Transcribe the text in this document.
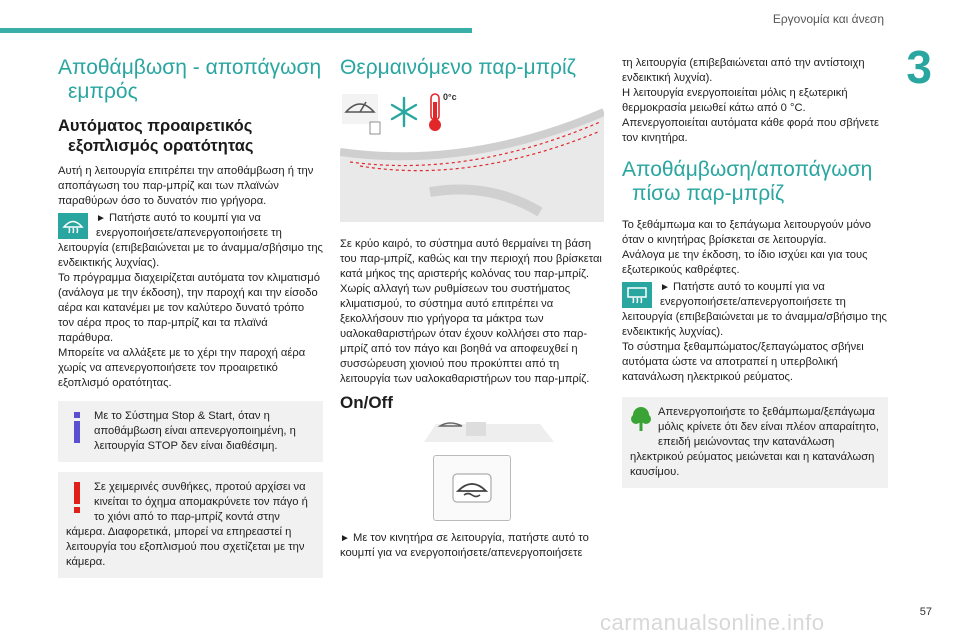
Εργονομία και άνεση
3
57
carmanualsonline.info
Αποθάμβωση - αποπάγωση
εμπρός
Αυτόματος προαιρετικός
εξοπλισμός ορατότητας

Αυτή η λειτουργία επιτρέπει την αποθάμβωση ή την αποπάγωση του παρ-μπρίζ και των πλαϊνών παραθύρων όσο το δυνατόν πιο γρήγορα.

► Πατήστε αυτό το κουμπί για να ενεργοποιήσετε/απενεργοποιήσετε τη λειτουργία (επιβεβαιώνεται με το άναμμα/σβήσιμο της ενδεικτικής λυχνίας).

Το πρόγραμμα διαχειρίζεται αυτόματα τον κλιματισμό (ανάλογα με την έκδοση), την παροχή και την είσοδο αέρα και κατανέμει με τον καλύτερο δυνατό τρόπο τον αέρα προς το παρ-μπρίζ και τα πλαϊνά παράθυρα.

Μπορείτε να αλλάξετε με το χέρι την παροχή αέρα χωρίς να απενεργοποιήσετε τον προαιρετικό εξοπλισμό ορατότητας.

Με το Σύστημα Stop & Start, όταν η αποθάμβωση είναι απενεργοποιημένη, η λειτουργία STOP δεν είναι διαθέσιμη.
Σε χειμερινές συνθήκες, προτού αρχίσει να κινείται το όχημα απομακρύνετε τον πάγο ή το χιόνι από το παρ-μπρίζ κοντά στην κάμερα. Διαφορετικά, μπορεί να επηρεαστεί η λειτουργία του εξοπλισμού που σχετίζεται με την κάμερα.
Θερμαινόμενο παρ-μπρίζ
0°c

Σε κρύο καιρό, το σύστημα αυτό θερμαίνει τη βάση του παρ-μπρίζ, καθώς και την περιοχή που βρίσκεται κατά μήκος της αριστερής κολόνας του παρ-μπρίζ.

Χωρίς αλλαγή των ρυθμίσεων του συστήματος κλιματισμού, το σύστημα αυτό επιτρέπει να ξεκολλήσουν πιο γρήγορα τα μάκτρα των υαλοκαθαριστήρων όταν έχουν κολλήσει στο παρ-μπρίζ από τον πάγο και βοηθά να αποφευχθεί η συσσώρευση χιονιού που προκύπτει από τη λειτουργία των υαλοκαθαριστήρων του παρ-μπρίζ.

On/Off

► Με τον κινητήρα σε λειτουργία, πατήστε αυτό το κουμπί για να ενεργοποιήσετε/απενεργοποιήσετε

τη λειτουργία (επιβεβαιώνεται από την αντίστοιχη ενδεικτική λυχνία).

Η λειτουργία ενεργοποιείται μόλις η εξωτερική θερμοκρασία μειωθεί κάτω από 0 °C. Απενεργοποιείται αυτόματα κάθε φορά που σβήνετε τον κινητήρα.

Αποθάμβωση/αποπάγωση
πίσω παρ-μπρίζ

Το ξεθάμπωμα και το ξεπάγωμα λειτουργούν μόνο όταν ο κινητήρας βρίσκεται σε λειτουργία.

Ανάλογα με την έκδοση, το ίδιο ισχύει και για τους εξωτερικούς καθρέφτες.

► Πατήστε αυτό το κουμπί για να ενεργοποιήσετε/απενεργοποιήσετε τη λειτουργία (επιβεβαιώνεται με το άναμμα/σβήσιμο της ενδεικτικής λυχνίας).

Το σύστημα ξεθαμπώματος/ξεπαγώματος σβήνει αυτόματα ώστε να αποτραπεί η υπερβολική κατανάλωση ηλεκτρικού ρεύματος.

Απενεργοποιήστε το ξεθάμπωμα/ξεπάγωμα μόλις κρίνετε ότι δεν είναι πλέον απαραίτητο, επειδή μειώνοντας την κατανάλωση ηλεκτρικού ρεύματος μειώνεται και η κατανάλωση καυσίμου.
